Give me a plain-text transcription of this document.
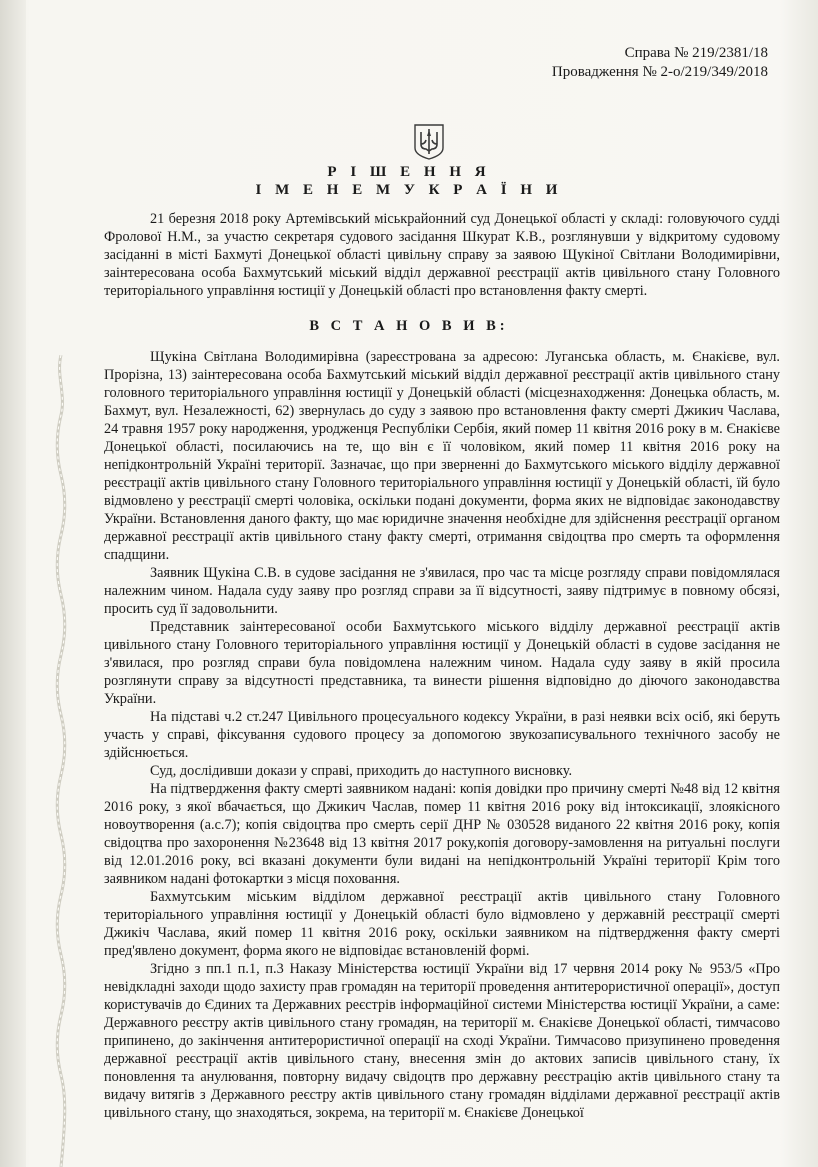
Справа № 219/2381/18
Провадження № 2-о/219/349/2018
Р І Ш Е Н Н Я
І М Е Н Е М У К Р А Ї Н И

21 березня 2018 року Артемівський міськрайонний суд Донецької області у складі: головуючого судді Фролової Н.М., за участю секретаря судового засідання Шкурат К.В., розглянувши у відкритому судовому засіданні в місті Бахмуті Донецької області цивільну справу за заявою Щукіної Світлани Володимирівни, заінтересована особа Бахмутський міський відділ державної реєстрації актів цивільного стану Головного територіального управління юстиції у Донецькій області про встановлення факту смерті.

В С Т А Н О В И В:

Щукіна Світлана Володимирівна (зареєстрована за адресою: Луганська область, м. Єнакієве, вул. Прорізна, 13) заінтересована особа Бахмутський міський відділ державної реєстрації актів цивільного стану головного територіального управління юстиції у Донецькій області (місцезнаходження: Донецька область, м. Бахмут, вул. Незалежності, 62) звернулась до суду з заявою про встановлення факту смерті Джикич Часлава, 24 травня 1957 року народження, уродженця Республіки Сербія, який помер 11 квітня 2016 року в м. Єнакієве Донецької області, посилаючись на те, що він є її чоловіком, який помер 11 квітня 2016 року на непідконтрольній Україні території. Зазначає, що при зверненні до Бахмутського міського відділу державної реєстрації актів цивільного стану Головного територіального управління юстиції у Донецькій області, їй було відмовлено у реєстрації смерті чоловіка, оскільки подані документи, форма яких не відповідає законодавству України. Встановлення даного факту, що має юридичне значення необхідне для здійснення реєстрації органом державної реєстрації актів цивільного стану факту смерті, отримання свідоцтва про смерть та оформлення спадщини.

Заявник Щукіна С.В. в судове засідання не з'явилася, про час та місце розгляду справи повідомлялася належним чином. Надала суду заяву про розгляд справи за її відсутності, заяву підтримує в повному обсязі, просить суд її задовольнити.

Представник заінтересованої особи Бахмутського міського відділу державної реєстрації актів цивільного стану Головного територіального управління юстиції у Донецькій області в судове засідання не з'явилася, про розгляд справи була повідомлена належним чином. Надала суду заяву в якій просила розглянути справу за відсутності представника, та винести рішення відповідно до діючого законодавства України.

На підставі ч.2 ст.247 Цивільного процесуального кодексу України, в разі неявки всіх осіб, які беруть участь у справі, фіксування судового процесу за допомогою звукозаписувального технічного засобу не здійснюється.

Суд, дослідивши докази у справі, приходить до наступного висновку.

На підтвердження факту смерті заявником надані: копія довідки про причину смерті №48 від 12 квітня 2016 року, з якої вбачається, що Джикич Часлав, помер 11 квітня 2016 року від інтоксикації, злоякісного новоутворення (а.с.7); копія свідоцтва про смерть серії ДНР № 030528 виданого 22 квітня 2016 року, копія свідоцтва про захоронення №23648 від 13 квітня 2017 року,копія договору-замовлення на ритуальні послуги від 12.01.2016 року, всі вказані документи були видані на непідконтрольній Україні території Крім того заявником надані фотокартки з місця поховання.

Бахмутським міським відділом державної реєстрації актів цивільного стану Головного територіального управління юстиції у Донецькій області було відмовлено у державній реєстрації смерті Джикіч Часлава, який помер 11 квітня 2016 року, оскільки заявником на підтвердження факту смерті пред'явлено документ, форма якого не відповідає встановленій формі.

Згідно з пп.1 п.1, п.3 Наказу Міністерства юстиції України від 17 червня 2014 року № 953/5 «Про невідкладні заходи щодо захисту прав громадян на території проведення антитерористичної операції», доступ користувачів до Єдиних та Державних реєстрів інформаційної системи Міністерства юстиції України, а саме: Державного реєстру актів цивільного стану громадян, на території м. Єнакієве Донецької області, тимчасово припинено, до закінчення антитерористичної операції на сході України. Тимчасово призупинено проведення державної реєстрації актів цивільного стану, внесення змін до актових записів цивільного стану, їх поновлення та анулювання, повторну видачу свідоцтв про державну реєстрацію актів цивільного стану та видачу витягів з Державного реєстру актів цивільного стану громадян відділами державної реєстрації актів цивільного стану, що знаходяться, зокрема, на території м. Єнакієве Донецької
